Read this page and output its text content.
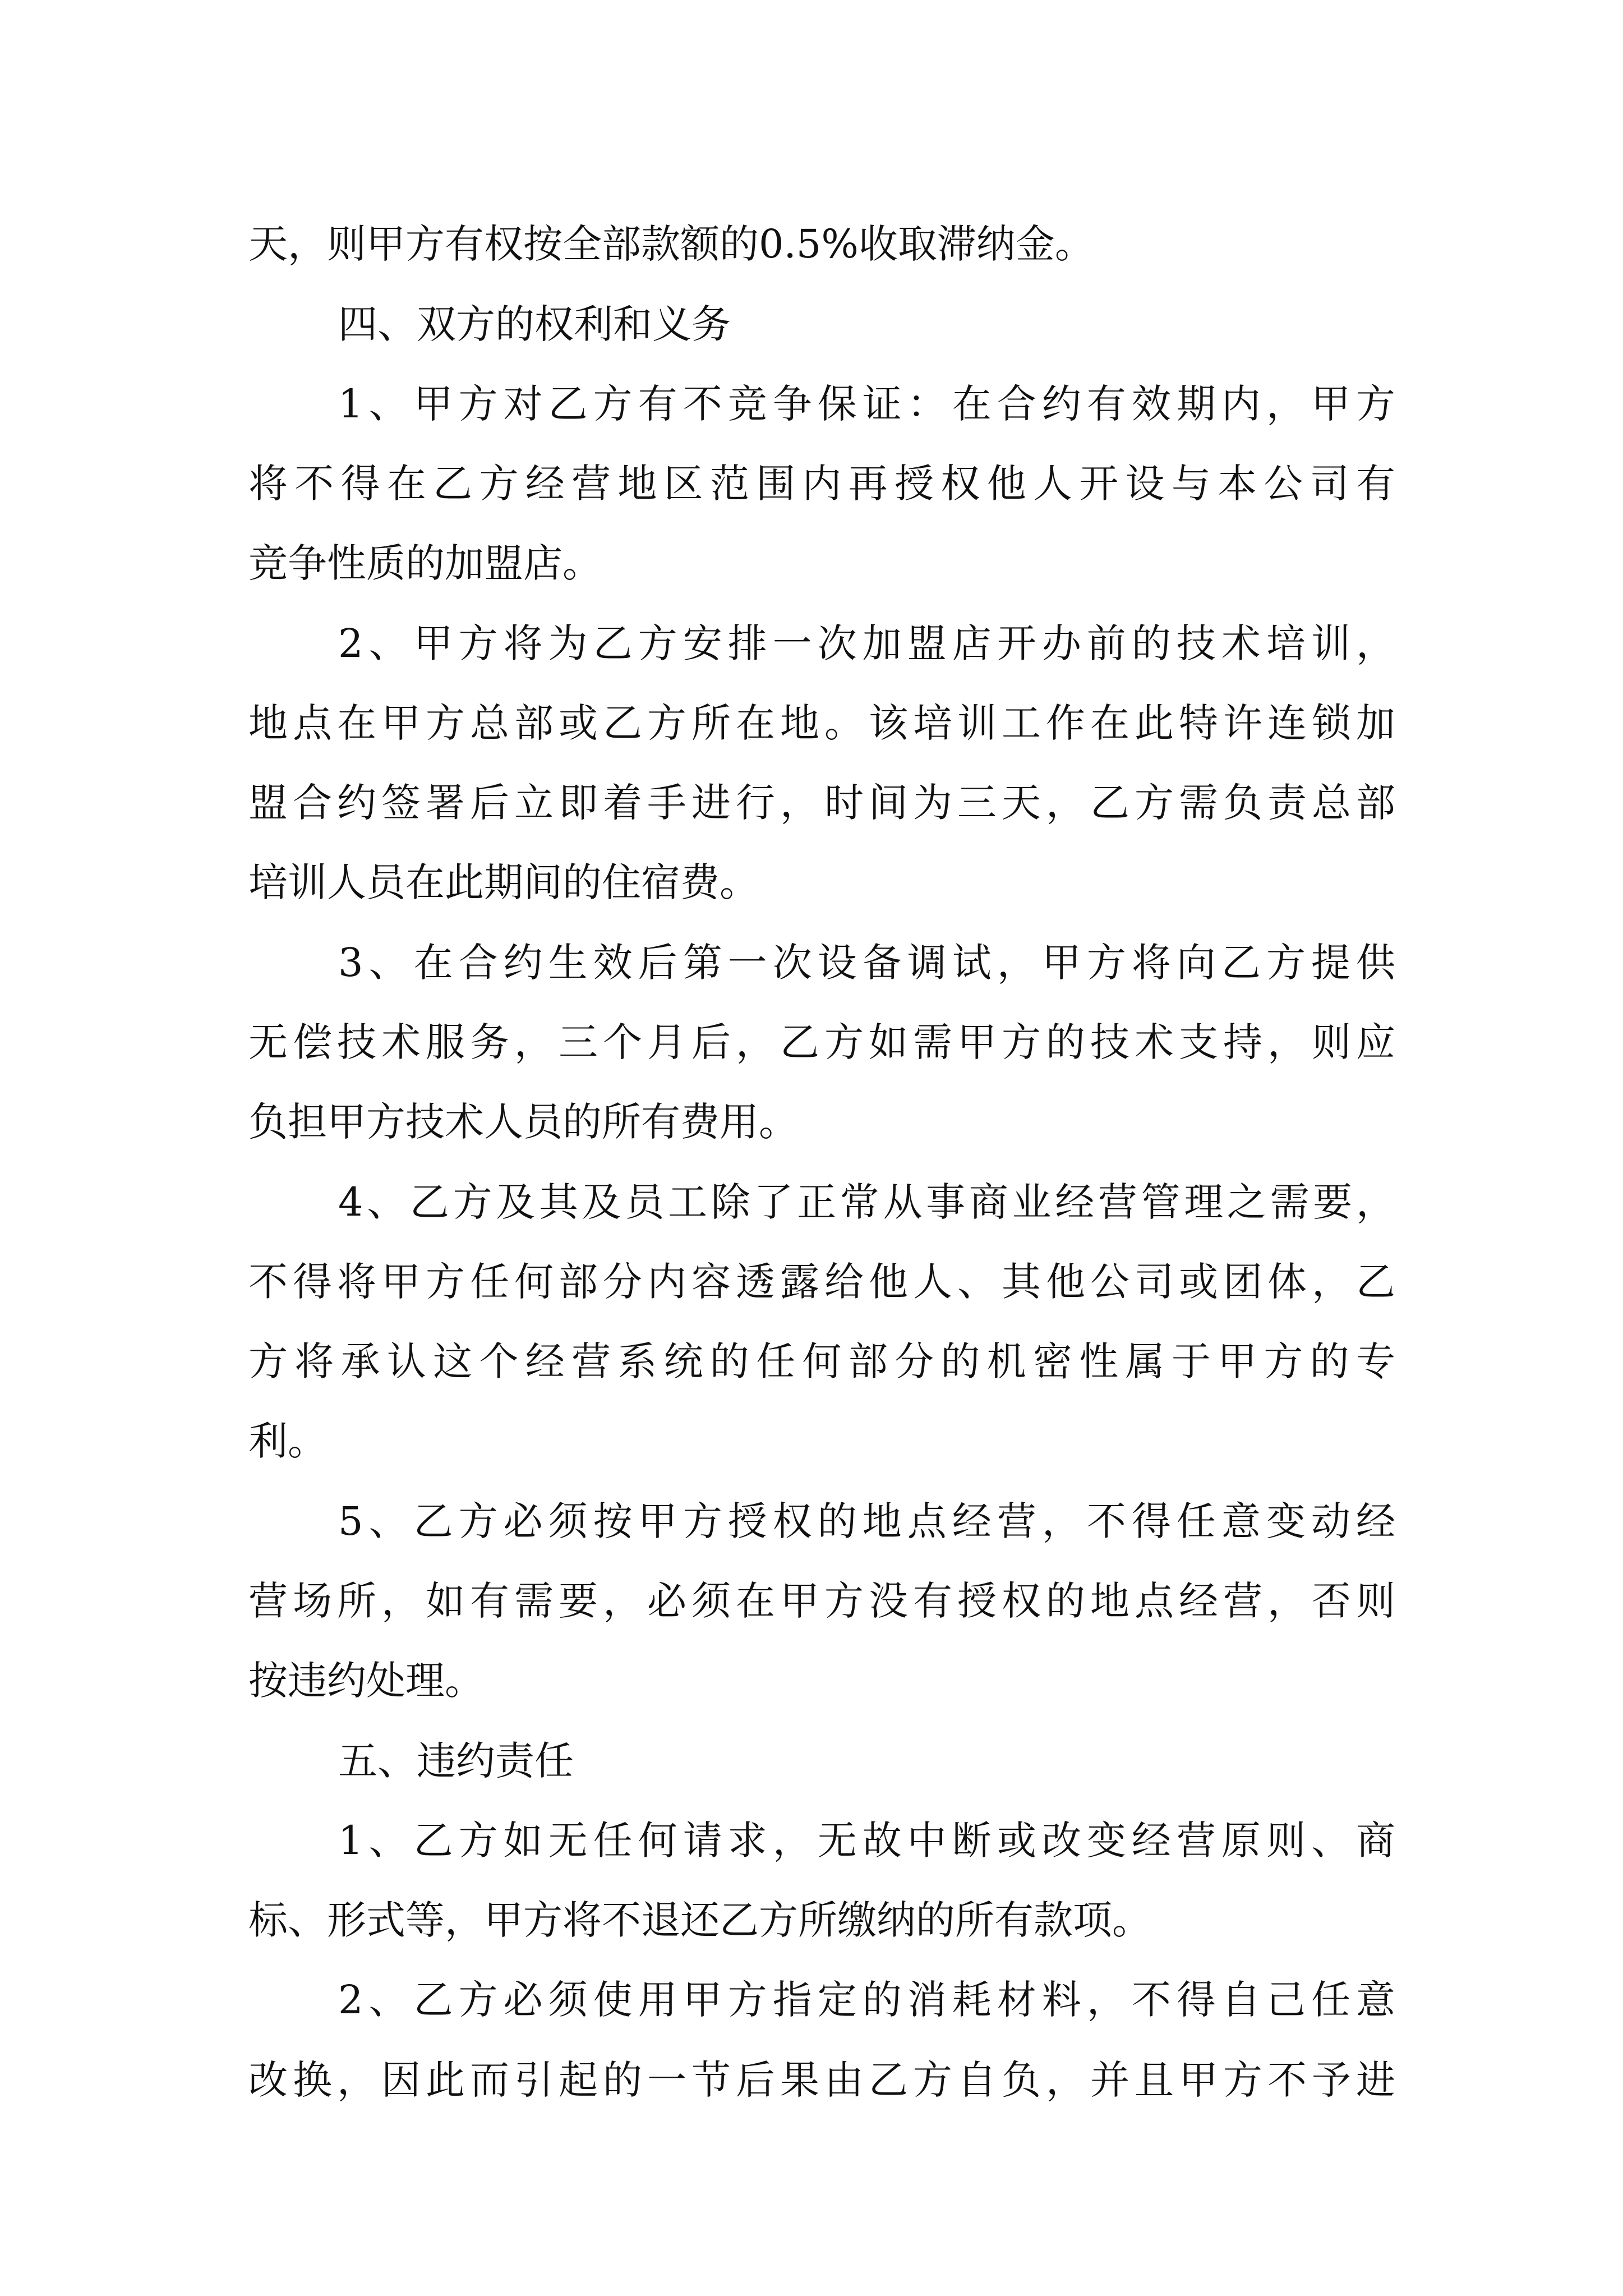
天，则甲方有权按全部款额的0.5%收取滞纳金。
四、双方的权利和义务
1、甲方对乙方有不竞争保证：在合约有效期内，甲方
将不得在乙方经营地区范围内再授权他人开设与本公司有
竞争性质的加盟店。
2、甲方将为乙方安排一次加盟店开办前的技术培训，
地点在甲方总部或乙方所在地。该培训工作在此特许连锁加
盟合约签署后立即着手进行，时间为三天，乙方需负责总部
培训人员在此期间的住宿费。
3、在合约生效后第一次设备调试，甲方将向乙方提供
无偿技术服务，三个月后，乙方如需甲方的技术支持，则应
负担甲方技术人员的所有费用。
4、乙方及其及员工除了正常从事商业经营管理之需要，
不得将甲方任何部分内容透露给他人、其他公司或团体，乙
方将承认这个经营系统的任何部分的机密性属于甲方的专
利。
5、乙方必须按甲方授权的地点经营，不得任意变动经
营场所，如有需要，必须在甲方没有授权的地点经营，否则
按违约处理。
五、违约责任
1、乙方如无任何请求，无故中断或改变经营原则、商
标、形式等，甲方将不退还乙方所缴纳的所有款项。
2、乙方必须使用甲方指定的消耗材料，不得自己任意
改换，因此而引起的一节后果由乙方自负，并且甲方不予进
